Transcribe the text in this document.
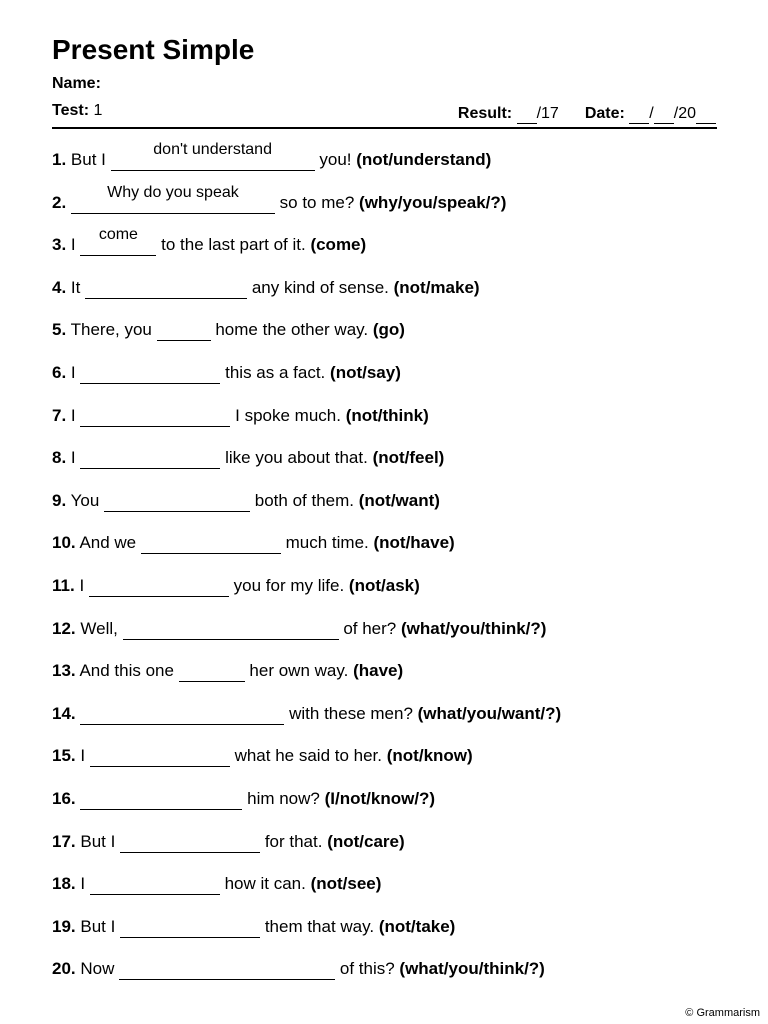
Present Simple
Name:
Test: 1	Result: /17 Date: / /20
1. But I
don't understand
you! (not/understand)
2.
Why do you speak
so to me? (why/you/speak/?)
3. I
come
to the last part of it. (come)
4. It	any kind of sense. (not/make)
5. There, you	home the other way. (go)
6. I	this as a fact. (not/say)
7. I	I spoke much. (not/think)
8. I	like you about that. (not/feel)
9. You	both of them. (not/want)
10. And we	much time. (not/have)
11. I	you for my life. (not/ask)
12. Well,	of her? (what/you/think/?)
13. And this one	her own way. (have)
14.	with these men? (what/you/want/?)
15. I	what he said to her. (not/know)
16.	him now? (I/not/know/?)
17. But I	for that. (not/care)
18. I	how it can. (not/see)
19. But I	them that way. (not/take)
20. Now	of this? (what/you/think/?)
© Grammarism
